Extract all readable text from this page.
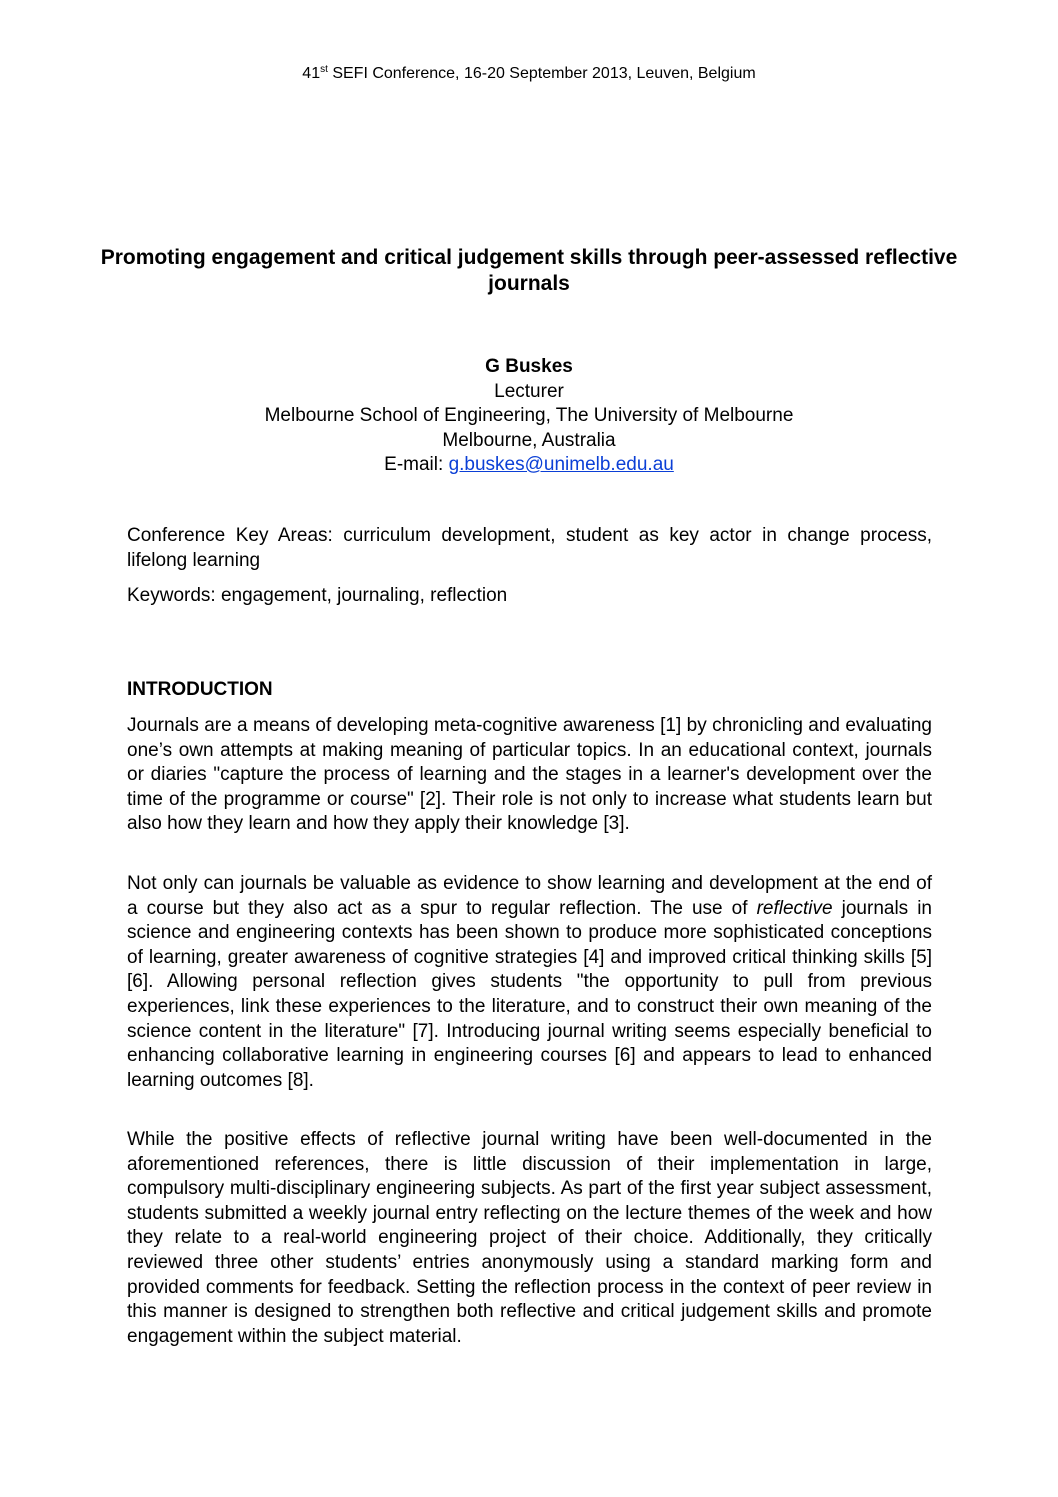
41st SEFI Conference, 16-20 September 2013, Leuven, Belgium
Promoting engagement and critical judgement skills through peer-assessed reflective journals
G Buskes
Lecturer
Melbourne School of Engineering, The University of Melbourne
Melbourne, Australia
E-mail: g.buskes@unimelb.edu.au

Conference Key Areas: curriculum development, student as key actor in change process, lifelong learning

Keywords: engagement, journaling, reflection

INTRODUCTION

Journals are a means of developing meta-cognitive awareness [1] by chronicling and evaluating one’s own attempts at making meaning of particular topics. In an educational context, journals or diaries "capture the process of learning and the stages in a learner's development over the time of the programme or course" [2]. Their role is not only to increase what students learn but also how they learn and how they apply their knowledge [3].

Not only can journals be valuable as evidence to show learning and development at the end of a course but they also act as a spur to regular reflection. The use of reflective journals in science and engineering contexts has been shown to produce more sophisticated conceptions of learning, greater awareness of cognitive strategies [4] and improved critical thinking skills [5] [6]. Allowing personal reflection gives students "the opportunity to pull from previous experiences, link these experiences to the literature, and to construct their own meaning of the science content in the literature" [7]. Introducing journal writing seems especially beneficial to enhancing collaborative learning in engineering courses [6] and appears to lead to enhanced learning outcomes [8].

While the positive effects of reflective journal writing have been well-documented in the aforementioned references, there is little discussion of their implementation in large, compulsory multi-disciplinary engineering subjects. As part of the first year subject assessment, students submitted a weekly journal entry reflecting on the lecture themes of the week and how they relate to a real-world engineering project of their choice. Additionally, they critically reviewed three other students’ entries anonymously using a standard marking form and provided comments for feedback. Setting the reflection process in the context of peer review in this manner is designed to strengthen both reflective and critical judgement skills and promote engagement within the subject material.
